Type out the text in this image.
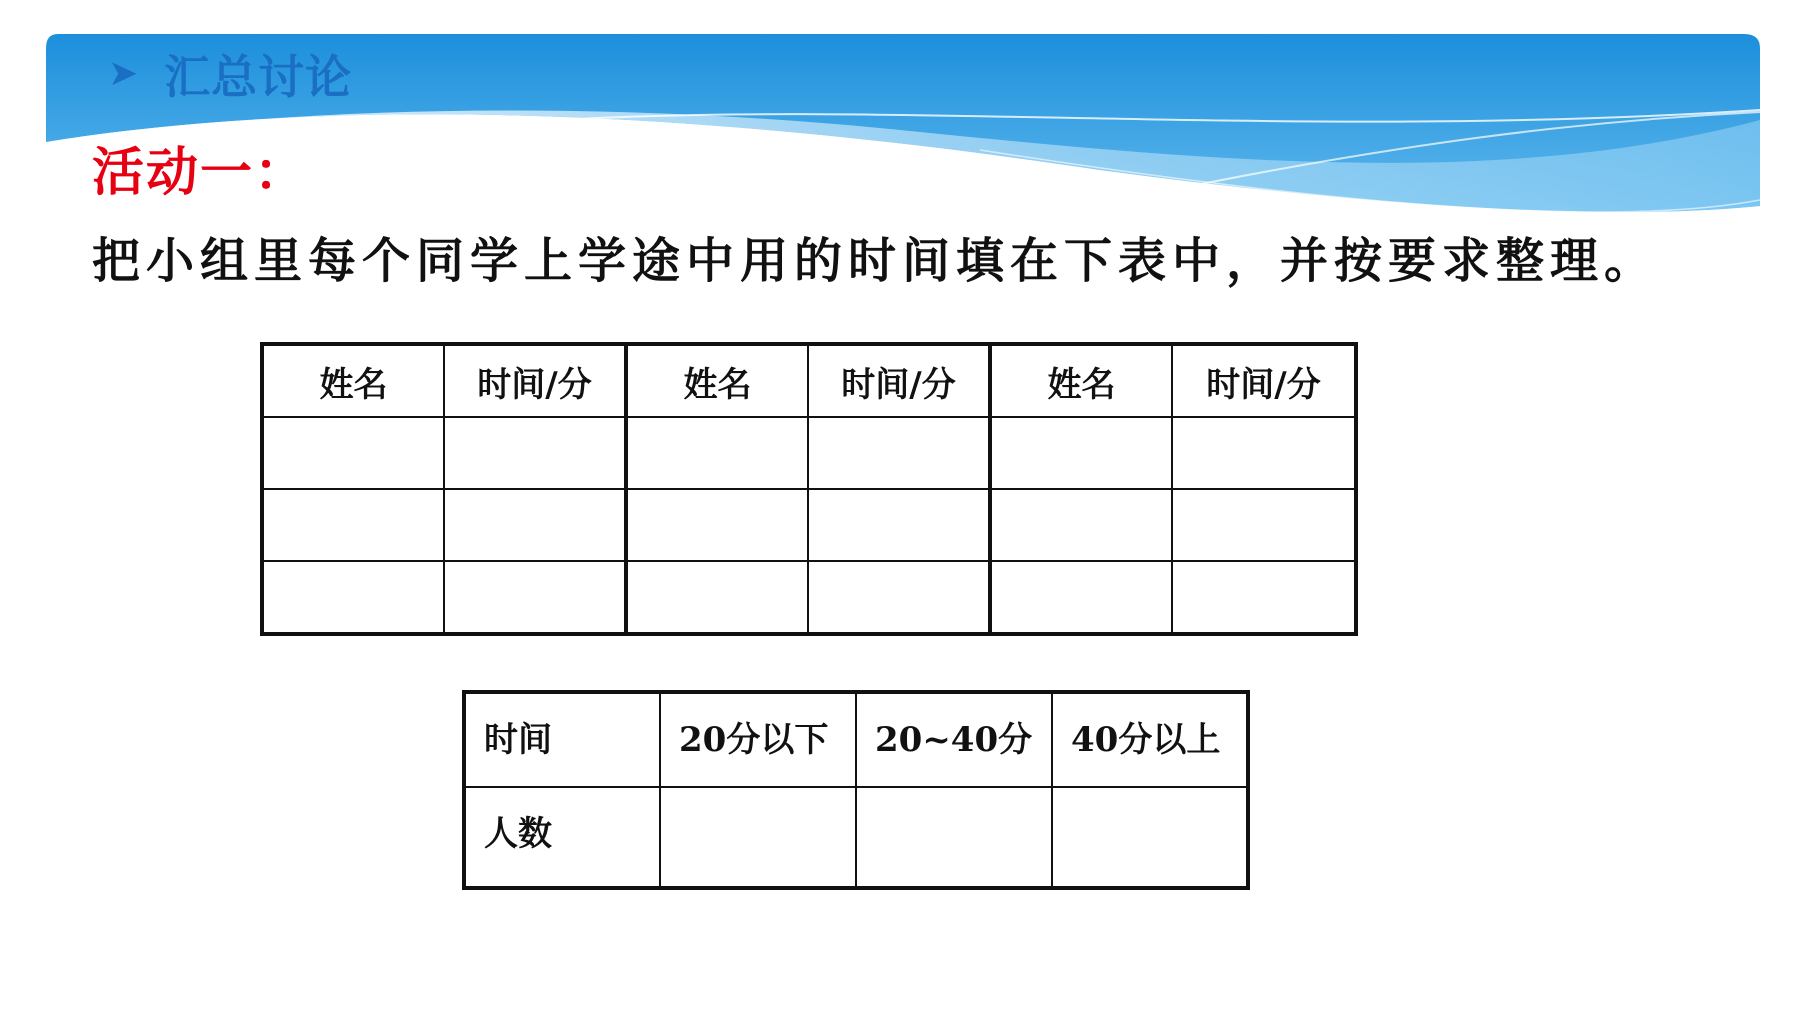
➤ 汇总讨论
活动一：
把小组里每个同学上学途中用的时间填在下表中，并按要求整理。
姓名	时间/分	姓名	时间/分	姓名	时间/分

时间	20分以下	20~40分	40分以上
人数			
